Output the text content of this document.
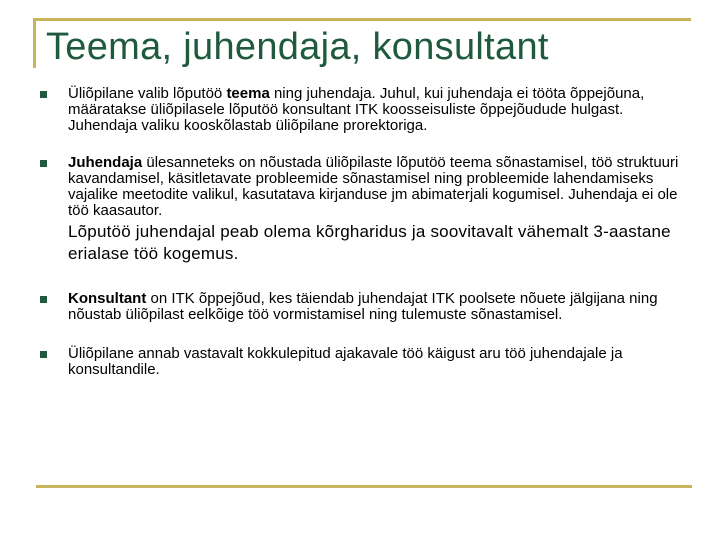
Teema, juhendaja, konsultant
Üliõpilane valib lõputöö teema ning juhendaja. Juhul, kui juhendaja ei tööta õppejõuna, määratakse üliõpilasele lõputöö konsultant ITK koosseisuliste õppejõudude hulgast. Juhendaja valiku kooskõlastab üliõpilane prorektoriga.
Juhendaja ülesanneteks on nõustada üliõpilaste lõputöö teema sõnastamisel, töö struktuuri kavandamisel, käsitletavate probleemide sõnastamisel ning probleemide lahendamiseks vajalike meetodite valikul, kasutatava kirjanduse jm abimaterjali kogumisel. Juhendaja ei ole töö kaasautor.
Lõputöö juhendajal peab olema kõrgharidus ja soovitavalt vähemalt 3-aastane erialase töö kogemus.
Konsultant on ITK õppejõud, kes täiendab juhendajat ITK poolsete nõuete jälgijana ning nõustab üliõpilast eelkõige töö vormistamisel ning tulemuste sõnastamisel.
Üliõpilane annab vastavalt kokkulepitud ajakavale töö käigust aru töö juhendajale ja konsultandile.
